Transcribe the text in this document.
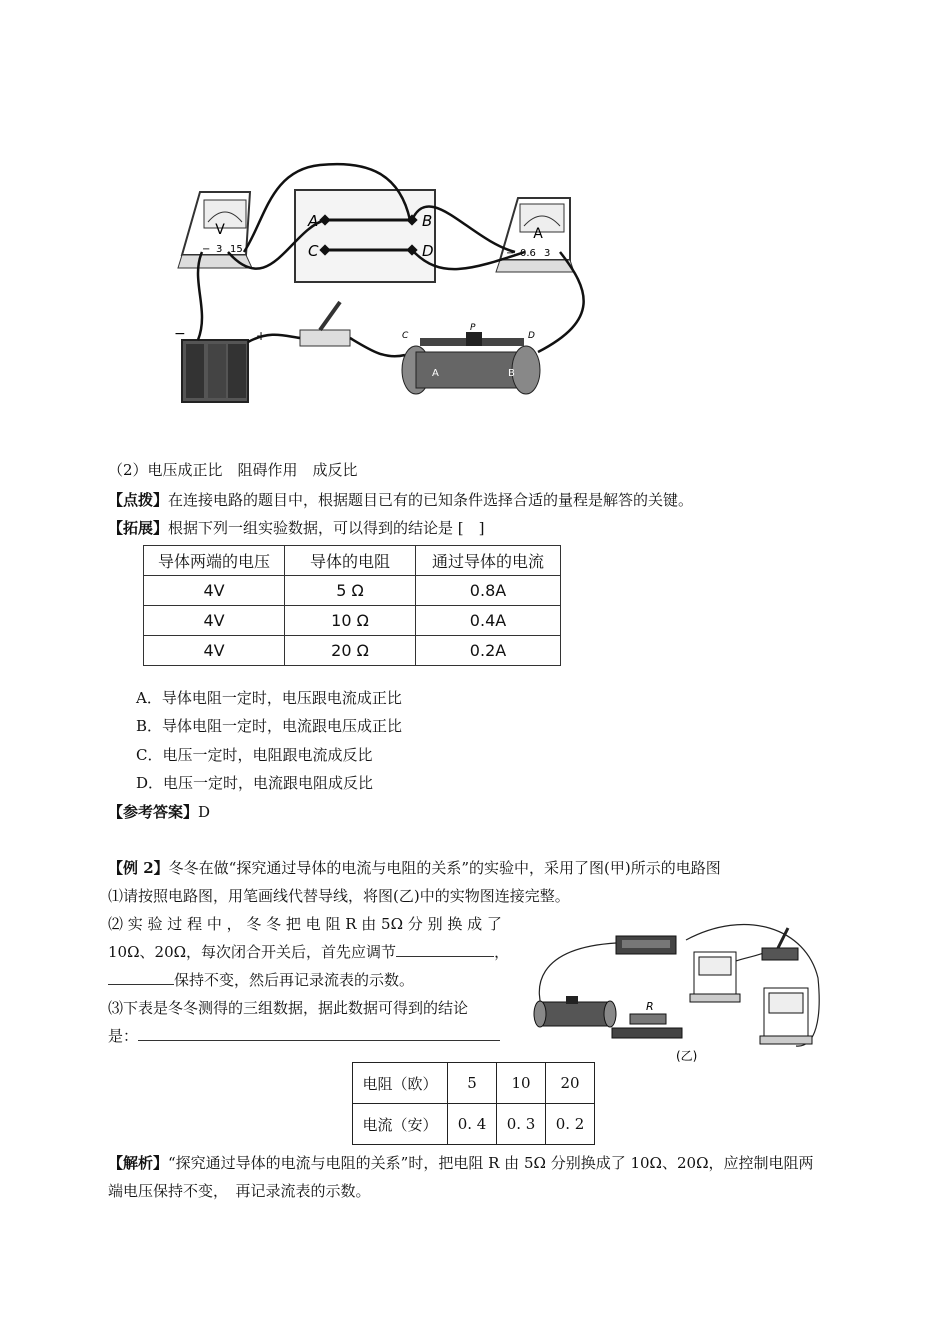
V
− 3 15
A	B
C	D
A
− 0.6 3
−	+	C
P
D
A	B
（2）电压成正比　阻碍作用　成反比
【点拨】在连接电路的题目中，根据题目已有的已知条件选择合适的量程是解答的关键。
【拓展】根据下列一组实验数据，可以得到的结论是 [　]
导体两端的电压	导体的电阻	通过导体的电流
4V	5 Ω	0.8A
4V	10 Ω	0.4A
4V	20 Ω	0.2A
A．导体电阻一定时，电压跟电流成正比
B．导体电阻一定时，电流跟电压成正比
C．电压一定时，电阻跟电流成反比
D．电压一定时，电流跟电阻成反比
【参考答案】D
【例 2】冬冬在做“探究通过导体的电流与电阻的关系”的实验中，采用了图(甲)所示的电路图
⑴请按照电路图，用笔画线代替导线，将图(乙)中的实物图连接完整。
⑵ 实 验 过 程 中 ， 冬 冬 把 电 阻 R 由 5Ω 分 别 换 成 了
10Ω、20Ω，每次闭合开关后，首先应调节	，
保持不变，然后再记录流表的示数。
⑶下表是冬冬测得的三组数据，据此数据可得到的结论
是：
R
(乙)
电阻（欧）	5	10	20
电流（安）	0. 4	0. 3	0. 2
【解析】“探究通过导体的电流与电阻的关系”时，把电阻 R 由 5Ω 分别换成了 10Ω、20Ω，应控制电阻两
端电压保持不变，　再记录流表的示数。
